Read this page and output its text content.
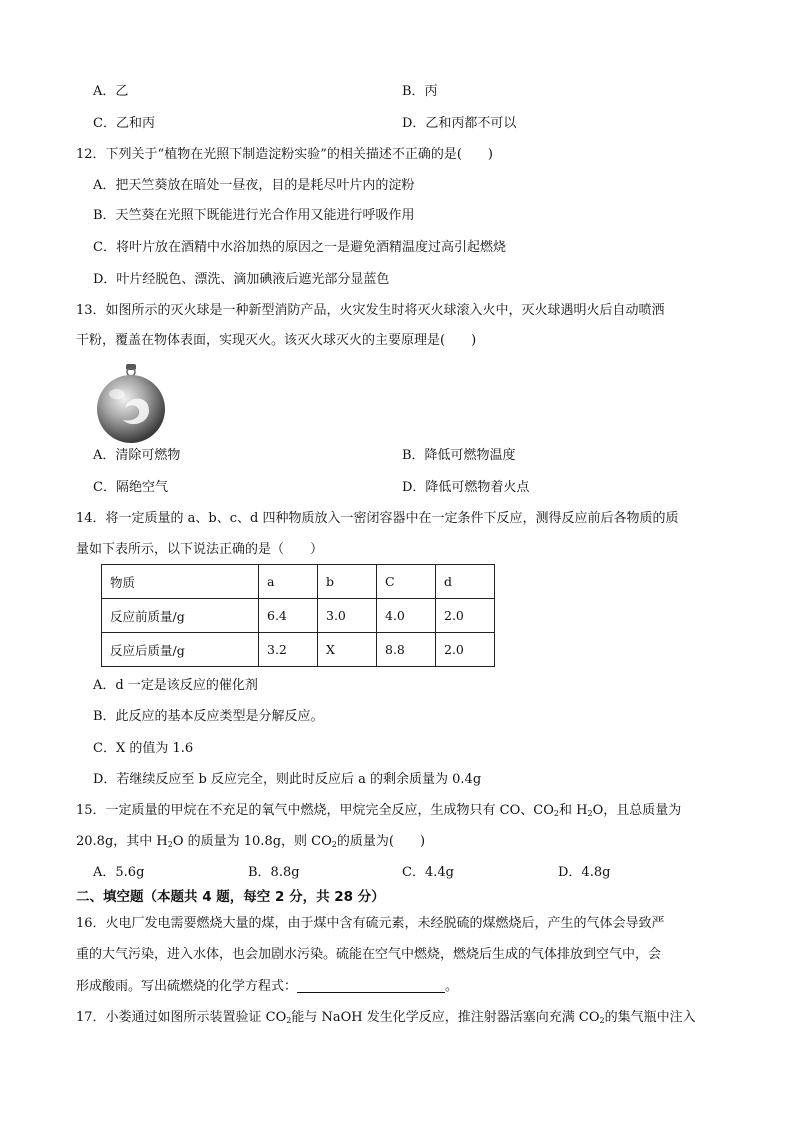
A．乙	B．丙
C．乙和丙	D．乙和丙都不可以
12．下列关于“植物在光照下制造淀粉实验”的相关描述不正确的是(　　)
A．把天竺葵放在暗处一昼夜，目的是耗尽叶片内的淀粉
B．天竺葵在光照下既能进行光合作用又能进行呼吸作用
C．将叶片放在酒精中水浴加热的原因之一是避免酒精温度过高引起燃烧
D．叶片经脱色、漂洗、滴加碘液后遮光部分显蓝色
13．如图所示的灭火球是一种新型消防产品，火灾发生时将灭火球滚入火中，灭火球遇明火后自动喷洒
干粉，覆盖在物体表面，实现灭火。该灭火球灭火的主要原理是(　　)
A．清除可燃物	B．降低可燃物温度
C．隔绝空气	D．降低可燃物着火点
14．将一定质量的 a、b、c、d 四种物质放入一密闭容器中在一定条件下反应，测得反应前后各物质的质
量如下表所示，以下说法正确的是（　　）
物质	a	b	C	d
反应前质量/g	6.4	3.0	4.0	2.0
反应后质量/g	3.2	X	8.8	2.0
A．d 一定是该反应的催化剂
B．此反应的基本反应类型是分解反应。
C．X 的值为 1.6
D．若继续反应至 b 反应完全，则此时反应后 a 的剩余质量为 0.4g
15．一定质量的甲烷在不充足的氧气中燃烧，甲烷完全反应，生成物只有 CO、$CO_2$和 $H_2O$，且总质量为
20.8g，其中 $H_2O$ 的质量为 10.8g，则 $CO_2$的质量为(　　)
A．5.6g	B．8.8g	C．4.4g	D．4.8g
二、填空题（本题共 4 题，每空 2 分，共 28 分）
16．火电厂发电需要燃烧大量的煤，由于煤中含有硫元素，未经脱硫的煤燃烧后，产生的气体会导致严
重的大气污染，进入水体，也会加剧水污染。硫能在空气中燃烧，燃烧后生成的气体排放到空气中，会
形成酸雨。写出硫燃烧的化学方程式：	。
17．小娄通过如图所示装置验证 $CO_2$能与 NaOH 发生化学反应，推注射器活塞向充满 $CO_2$的集气瓶中注入
